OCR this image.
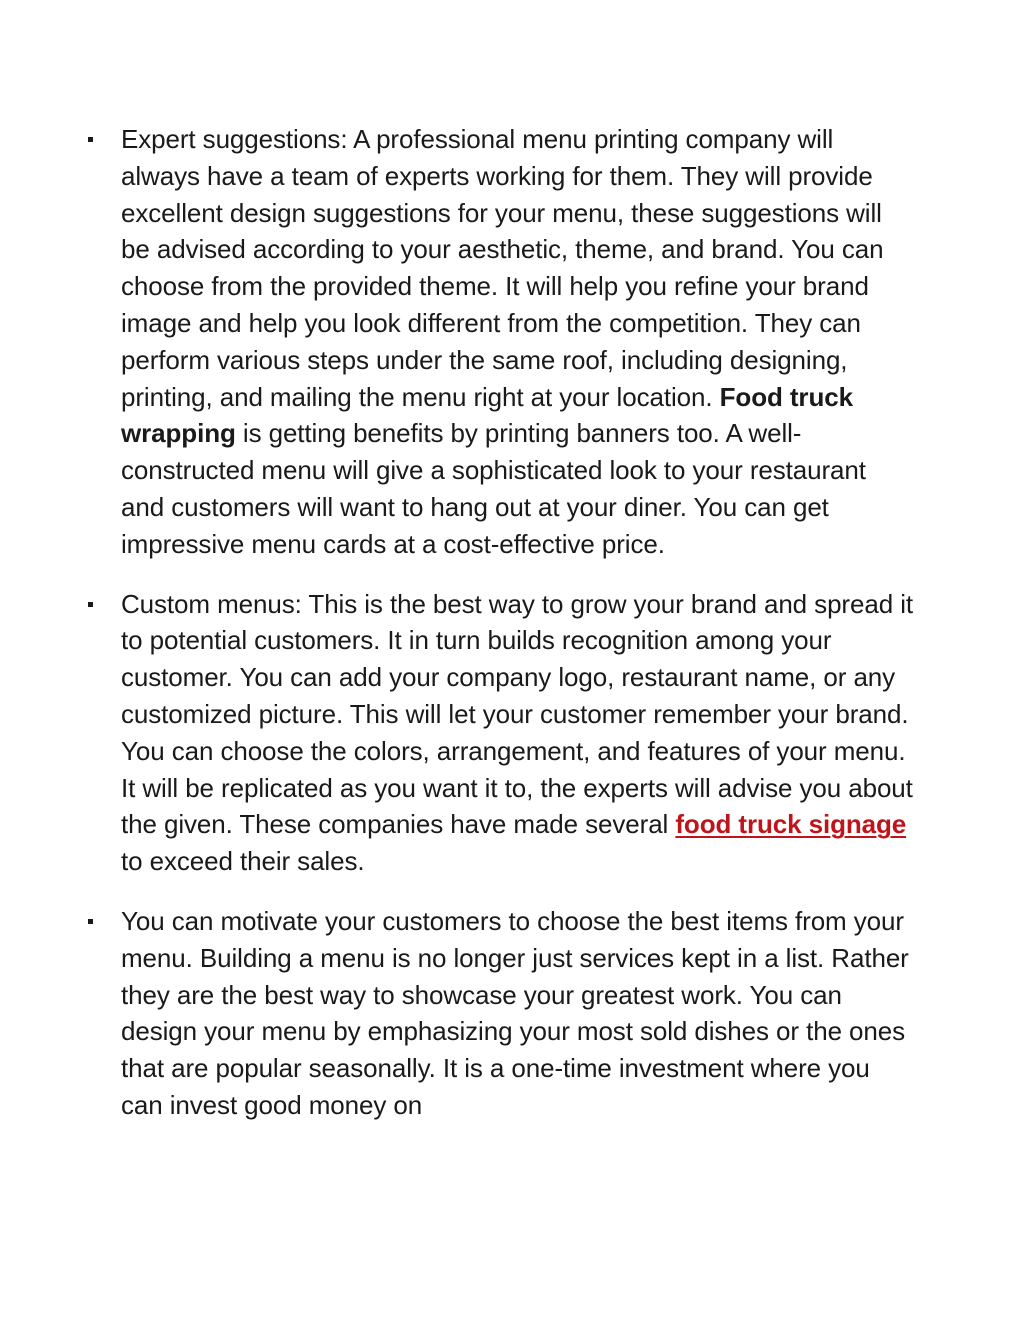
Expert suggestions: A professional menu printing company will always have a team of experts working for them. They will provide excellent design suggestions for your menu, these suggestions will be advised according to your aesthetic, theme, and brand. You can choose from the provided theme. It will help you refine your brand image and help you look different from the competition. They can perform various steps under the same roof, including designing, printing, and mailing the menu right at your location. Food truck wrapping is getting benefits by printing banners too. A well-constructed menu will give a sophisticated look to your restaurant and customers will want to hang out at your diner. You can get impressive menu cards at a cost-effective price.
Custom menus: This is the best way to grow your brand and spread it to potential customers. It in turn builds recognition among your customer. You can add your company logo, restaurant name, or any customized picture. This will let your customer remember your brand. You can choose the colors, arrangement, and features of your menu. It will be replicated as you want it to, the experts will advise you about the given. These companies have made several food truck signage to exceed their sales.
You can motivate your customers to choose the best items from your menu. Building a menu is no longer just services kept in a list. Rather they are the best way to showcase your greatest work. You can design your menu by emphasizing your most sold dishes or the ones that are popular seasonally. It is a one-time investment where you can invest good money on
